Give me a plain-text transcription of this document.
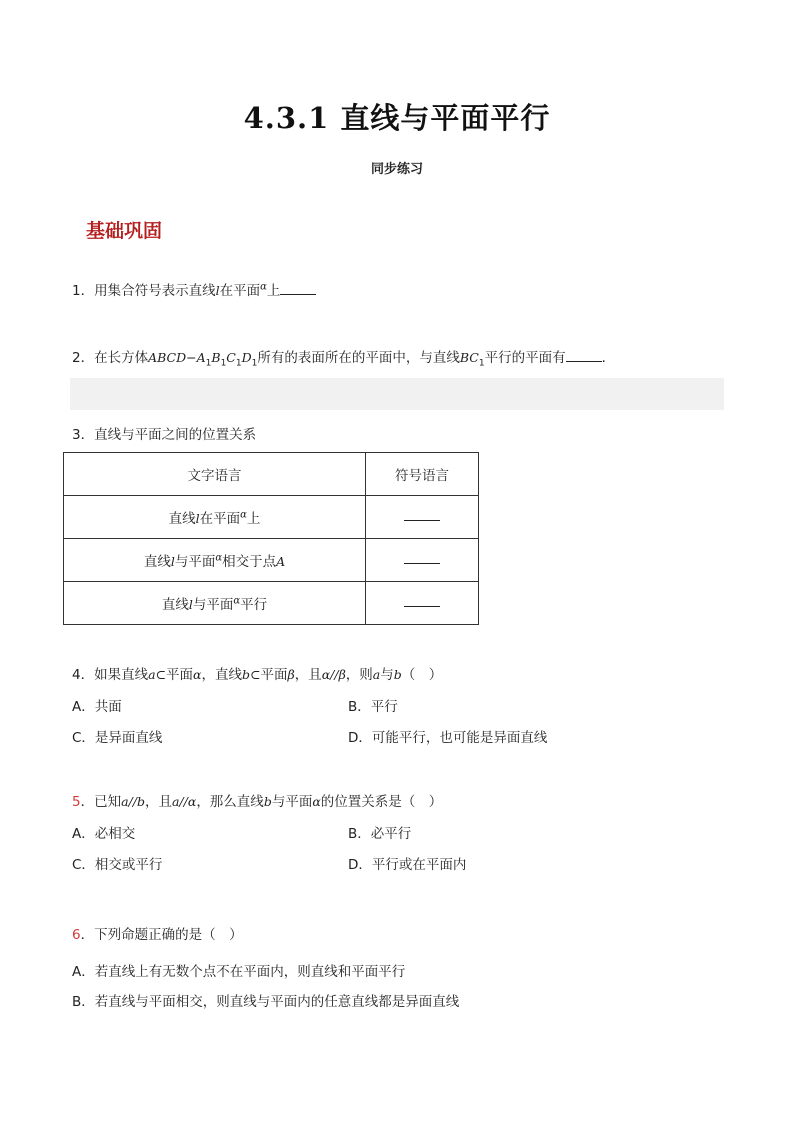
4.3.1 直线与平面平行
同步练习
基础巩固
1．用集合符号表示直线l在平面$^\alpha$上
2．在长方体$ABCD-A_1B_1C_1D_1$所有的表面所在的平面中，与直线$BC_1$平行的平面有	．
3．直线与平面之间的位置关系
文字语言	符号语言
直线l在平面$^\alpha$上	
直线l与平面$^\alpha$相交于点A	
直线l与平面$^\alpha$平行	
4．如果直线a⊂平面α，直线b⊂平面β，且α//β，则a与b（　）
A．共面	B．平行
C．是异面直线	D．可能平行，也可能是异面直线
5．已知a//b，且a//α，那么直线b与平面α的位置关系是（　）
A．必相交	B．必平行
C．相交或平行	D．平行或在平面内
6．下列命题正确的是（　）
A．若直线上有无数个点不在平面内，则直线和平面平行
B．若直线与平面相交，则直线与平面内的任意直线都是异面直线
